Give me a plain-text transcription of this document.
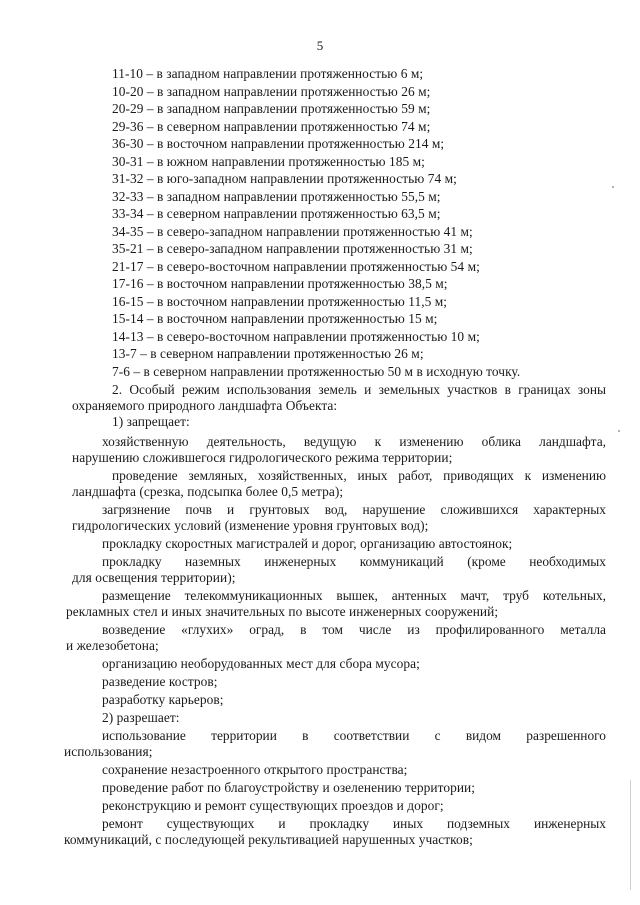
5
11-10 – в западном направлении протяженностью 6 м;
10-20 – в западном направлении протяженностью 26 м;
20-29 – в западном направлении протяженностью 59 м;
29-36 – в северном направлении протяженностью 74 м;
36-30 – в восточном направлении протяженностью 214 м;
30-31 – в южном направлении протяженностью 185 м;
31-32 – в юго-западном направлении протяженностью 74 м;
32-33 – в западном направлении протяженностью 55,5 м;
33-34 – в северном направлении протяженностью 63,5 м;
34-35 – в северо-западном направлении протяженностью 41 м;
35-21 – в северо-западном направлении протяженностью 31 м;
21-17 – в северо-восточном направлении протяженностью 54 м;
17-16 – в восточном направлении протяженностью 38,5 м;
16-15 – в восточном направлении протяженностью 11,5 м;
15-14 – в восточном направлении протяженностью 15 м;
14-13 – в северо-восточном направлении протяженностью 10 м;
13-7 – в северном направлении протяженностью 26 м;
7-6 – в северном направлении протяженностью 50 м в исходную точку.
2. Особый режим использования земель и земельных участков в границах зоны
охраняемого природного ландшафта Объекта:
1) запрещает:
хозяйственную деятельность, ведущую к изменению облика ландшафта,
нарушению сложившегося гидрологического режима территории;
проведение земляных, хозяйственных, иных работ, приводящих к изменению
ландшафта (срезка, подсыпка более 0,5 метра);
загрязнение почв и грунтовых вод, нарушение сложившихся характерных
гидрологических условий (изменение уровня грунтовых вод);
прокладку скоростных магистралей и дорог, организацию автостоянок;
прокладку наземных инженерных коммуникаций (кроме необходимых
для освещения территории);
размещение телекоммуникационных вышек, антенных мачт, труб котельных,
рекламных стел и иных значительных по высоте инженерных сооружений;
возведение «глухих» оград, в том числе из профилированного металла
и железобетона;
организацию необорудованных мест для сбора мусора;
разведение костров;
разработку карьеров;
2) разрешает:
использование территории в соответствии с видом разрешенного
использования;
сохранение незастроенного открытого пространства;
проведение работ по благоустройству и озеленению территории;
реконструкцию и ремонт существующих проездов и дорог;
ремонт существующих и прокладку иных подземных инженерных
коммуникаций, с последующей рекультивацией нарушенных участков;
